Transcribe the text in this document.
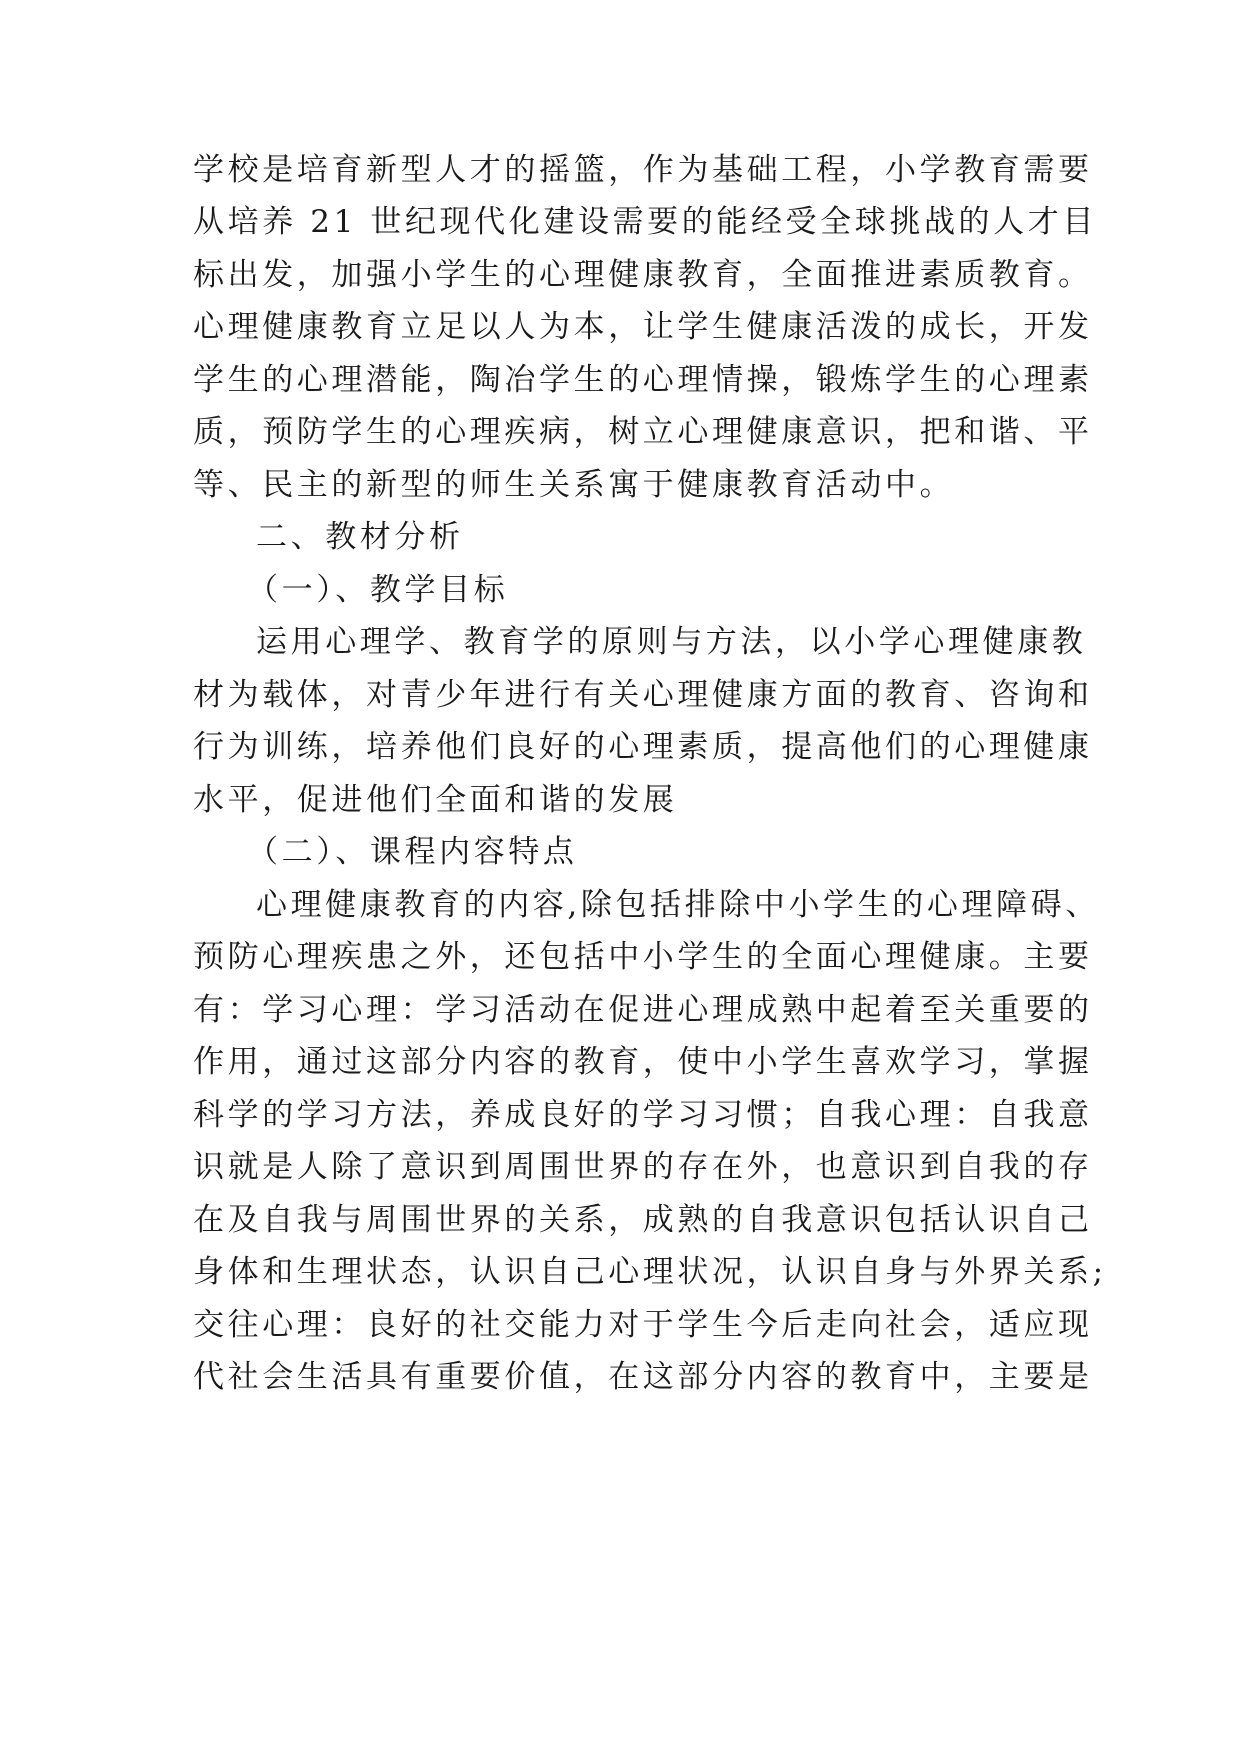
学校是培育新型人才的摇篮，作为基础工程，小学教育需要
从培养 21 世纪现代化建设需要的能经受全球挑战的人才目
标出发，加强小学生的心理健康教育，全面推进素质教育。
心理健康教育立足以人为本，让学生健康活泼的成长，开发
学生的心理潜能，陶冶学生的心理情操，锻炼学生的心理素
质，预防学生的心理疾病，树立心理健康意识，把和谐、平
等、民主的新型的师生关系寓于健康教育活动中。
二、教材分析
（一）、教学目标
运用心理学、教育学的原则与方法，以小学心理健康教
材为载体，对青少年进行有关心理健康方面的教育、咨询和
行为训练，培养他们良好的心理素质，提高他们的心理健康
水平，促进他们全面和谐的发展
（二）、课程内容特点
心理健康教育的内容,除包括排除中小学生的心理障碍、
预防心理疾患之外，还包括中小学生的全面心理健康。主要
有：学习心理：学习活动在促进心理成熟中起着至关重要的
作用，通过这部分内容的教育，使中小学生喜欢学习，掌握
科学的学习方法，养成良好的学习习惯；自我心理：自我意
识就是人除了意识到周围世界的存在外，也意识到自我的存
在及自我与周围世界的关系，成熟的自我意识包括认识自己
身体和生理状态，认识自己心理状况，认识自身与外界关系;
交往心理：良好的社交能力对于学生今后走向社会，适应现
代社会生活具有重要价值，在这部分内容的教育中，主要是
